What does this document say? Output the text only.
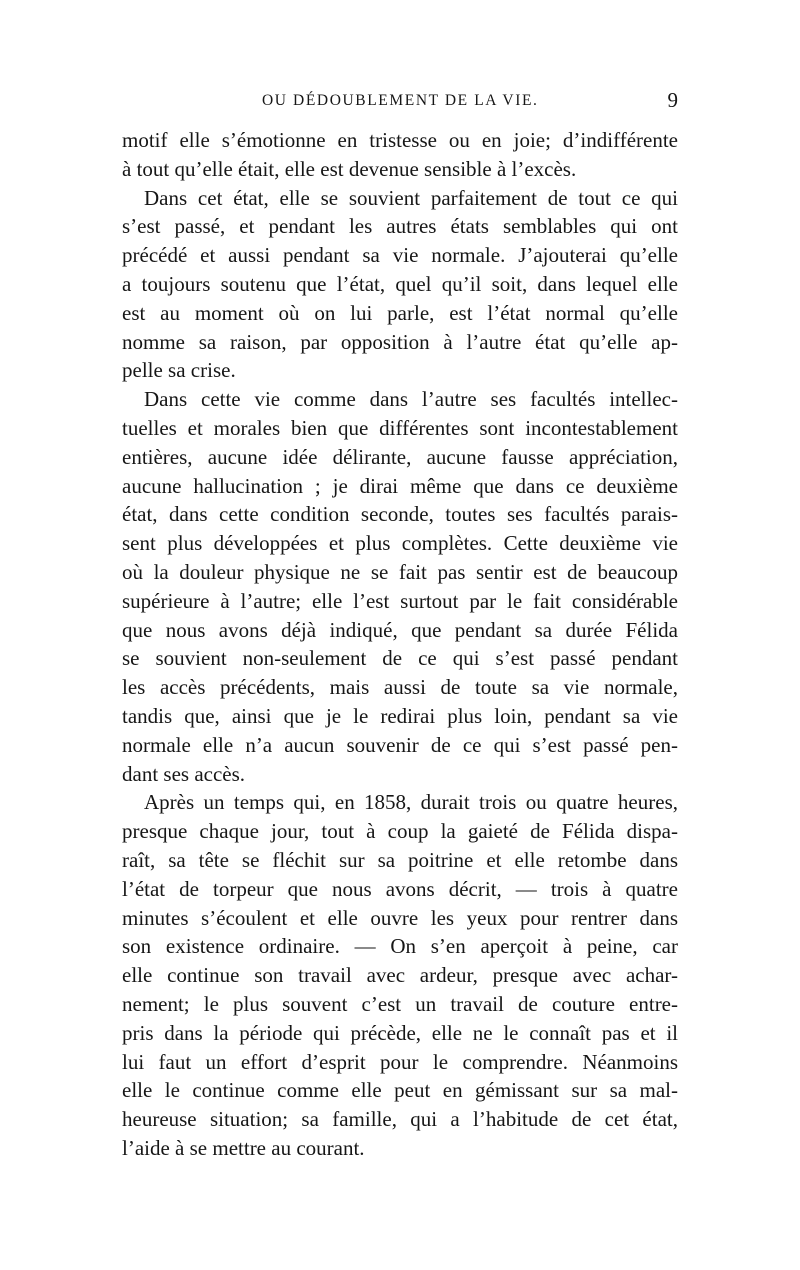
OU DÉDOUBLEMENT DE LA VIE.	9

motif elle s’émotionne en tristesse ou en joie; d’indifférente
à tout qu’elle était, elle est devenue sensible à l’excès.

Dans cet état, elle se souvient parfaitement de tout ce qui
s’est passé, et pendant les autres états semblables qui ont
précédé et aussi pendant sa vie normale. J’ajouterai qu’elle
a toujours soutenu que l’état, quel qu’il soit, dans lequel elle
est au moment où on lui parle, est l’état normal qu’elle
nomme sa raison, par opposition à l’autre état qu’elle ap-
pelle sa crise.

Dans cette vie comme dans l’autre ses facultés intellec-
tuelles et morales bien que différentes sont incontestablement
entières, aucune idée délirante, aucune fausse appréciation,
aucune hallucination ; je dirai même que dans ce deuxième
état, dans cette condition seconde, toutes ses facultés parais-
sent plus développées et plus complètes. Cette deuxième vie
où la douleur physique ne se fait pas sentir est de beaucoup
supérieure à l’autre; elle l’est surtout par le fait considérable
que nous avons déjà indiqué, que pendant sa durée Félida
se souvient non-seulement de ce qui s’est passé pendant
les accès précédents, mais aussi de toute sa vie normale,
tandis que, ainsi que je le redirai plus loin, pendant sa vie
normale elle n’a aucun souvenir de ce qui s’est passé pen-
dant ses accès.

Après un temps qui, en 1858, durait trois ou quatre heures,
presque chaque jour, tout à coup la gaieté de Félida dispa-
raît, sa tête se fléchit sur sa poitrine et elle retombe dans
l’état de torpeur que nous avons décrit, — trois à quatre
minutes s’écoulent et elle ouvre les yeux pour rentrer dans
son existence ordinaire. — On s’en aperçoit à peine, car
elle continue son travail avec ardeur, presque avec achar-
nement; le plus souvent c’est un travail de couture entre-
pris dans la période qui précède, elle ne le connaît pas et il
lui faut un effort d’esprit pour le comprendre. Néanmoins
elle le continue comme elle peut en gémissant sur sa mal-
heureuse situation; sa famille, qui a l’habitude de cet état,
l’aide à se mettre au courant.
